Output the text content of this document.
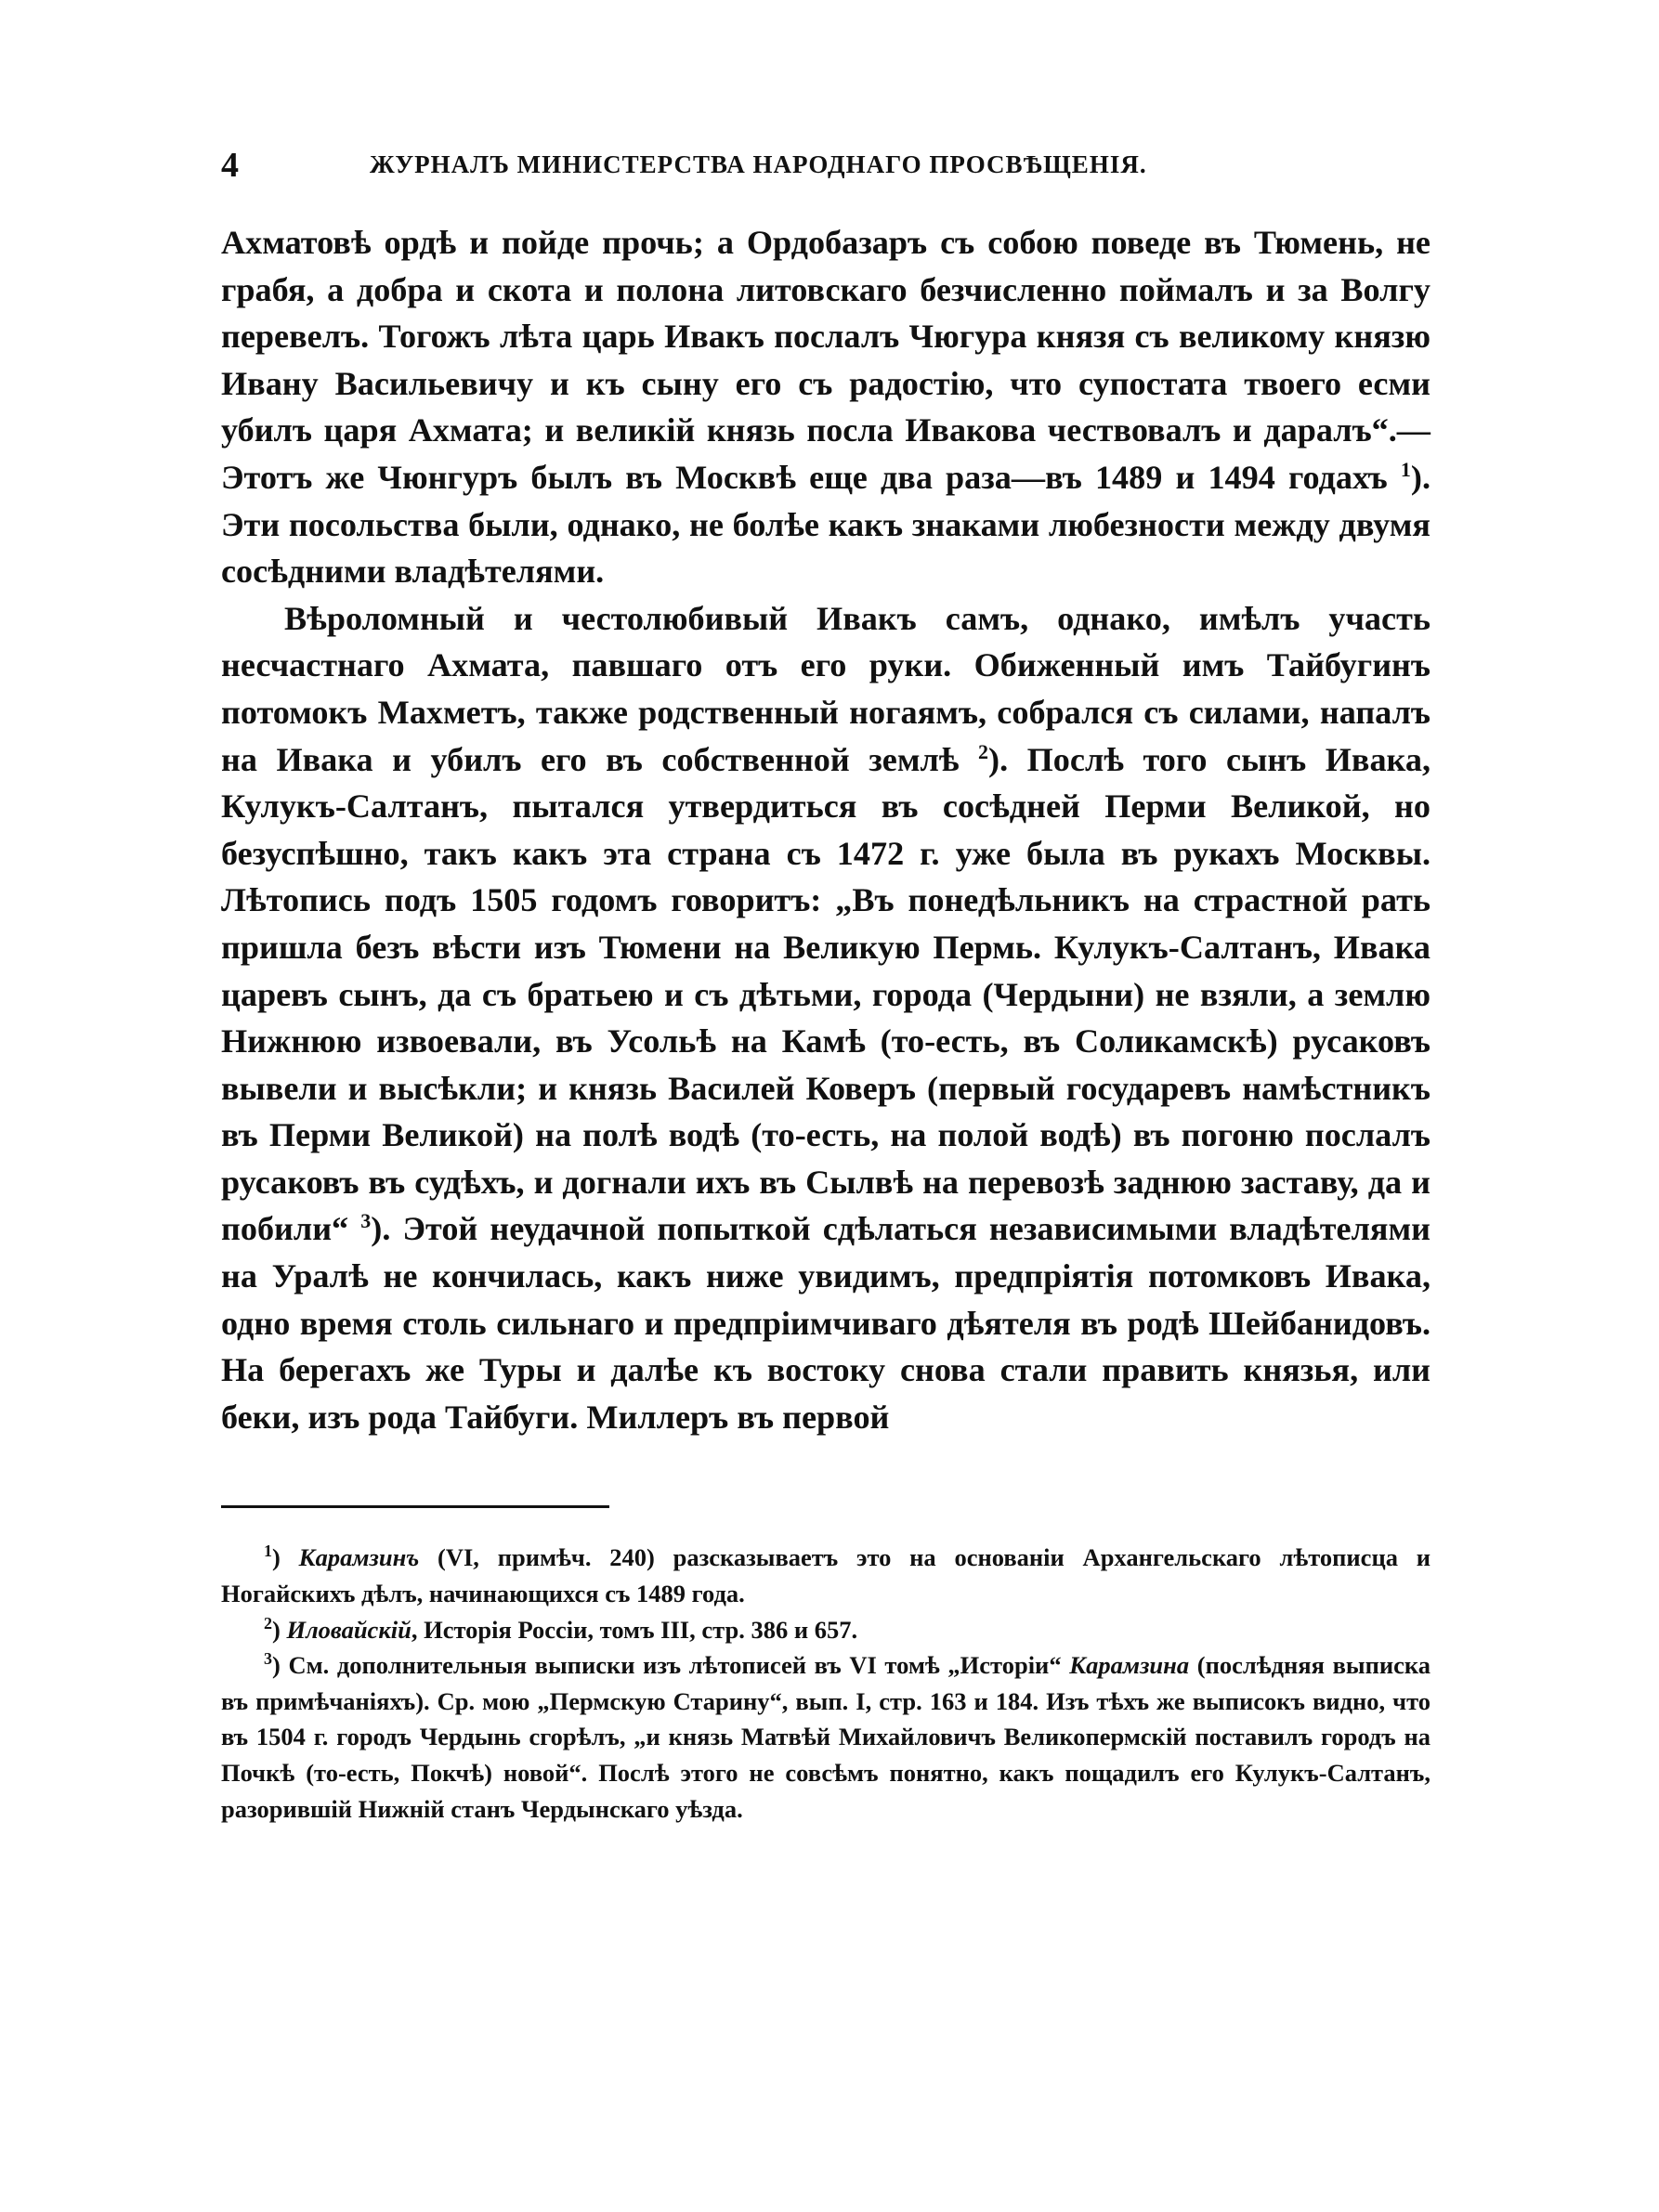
4	ЖУРНАЛЪ МИНИСТЕРСТВА НАРОДНАГО ПРОСВѢЩЕНІЯ.

Ахматовѣ ордѣ и пойде прочь; а Ордобазаръ съ собою поведе въ Тюмень, не грабя, а добра и скота и полона литовскаго безчисленно поймалъ и за Волгу перевелъ. Тогожъ лѣта царь Ивакъ послалъ Чюгура князя съ великому князю Ивану Васильевичу и къ сыну его съ радостію, что супостата твоего есми убилъ царя Ахмата; и великій князь посла Ивакова чествовалъ и даралъ“.— Этотъ же Чюнгуръ былъ въ Москвѣ еще два раза—въ 1489 и 1494 годахъ $^1$). Эти посольства были, однако, не болѣе какъ знаками любезности между двумя сосѣдними владѣтелями.

Вѣроломный и честолюбивый Ивакъ самъ, однако, имѣлъ участь несчастнаго Ахмата, павшаго отъ его руки. Обиженный имъ Тайбугинъ потомокъ Махметъ, также родственный ногаямъ, собрался съ силами, напалъ на Ивака и убилъ его въ собственной землѣ $^2$). Послѣ того сынъ Ивака, Кулукъ-Салтанъ, пытался утвердиться въ сосѣдней Перми Великой, но безуспѣшно, такъ какъ эта страна съ 1472 г. уже была въ рукахъ Москвы. Лѣтопись подъ 1505 годомъ говоритъ: „Въ понедѣльникъ на страстной рать пришла безъ вѣсти изъ Тюмени на Великую Пермь. Кулукъ-Салтанъ, Ивака царевъ сынъ, да съ братьею и съ дѣтьми, города (Чердыни) не взяли, а землю Нижнюю извоевали, въ Усольѣ на Камѣ (то-есть, въ Соликамскѣ) русаковъ вывели и высѣкли; и князь Василей Коверъ (первый государевъ намѣстникъ въ Перми Великой) на полѣ водѣ (то-есть, на полой водѣ) въ погоню послалъ русаковъ въ судѣхъ, и догнали ихъ въ Сылвѣ на перевозѣ заднюю заставу, да и побили“ $^3$). Этой неудачной попыткой сдѣлаться независимыми владѣтелями на Уралѣ не кончилась, какъ ниже увидимъ, предпріятія потомковъ Ивака, одно время столь сильнаго и предпріимчиваго дѣятеля въ родѣ Шейбанидовъ. На берегахъ же Туры и далѣе къ востоку снова стали править князья, или беки, изъ рода Тайбуги. Миллеръ въ первой

$^1$) Карамзинъ (VI, примѣч. 240) разсказываетъ это на основаніи Архангельскаго лѣтописца и Ногайскихъ дѣлъ, начинающихся съ 1489 года.

$^2$) Иловайскій, Исторія Россіи, томъ III, стр. 386 и 657.

$^3$) См. дополнительныя выписки изъ лѣтописей въ VI томѣ „Исторіи“ Карамзина (послѣдняя выписка въ примѣчаніяхъ). Ср. мою „Пермскую Старину“, вып. I, стр. 163 и 184. Изъ тѣхъ же выписокъ видно, что въ 1504 г. городъ Чердынь сгорѣлъ, „и князь Матвѣй Михайловичъ Великопермскій поставилъ городъ на Почкѣ (то-есть, Покчѣ) новой“. Послѣ этого не совсѣмъ понятно, какъ пощадилъ его Кулукъ-Салтанъ, разорившій Нижній станъ Чердынскаго уѣзда.
